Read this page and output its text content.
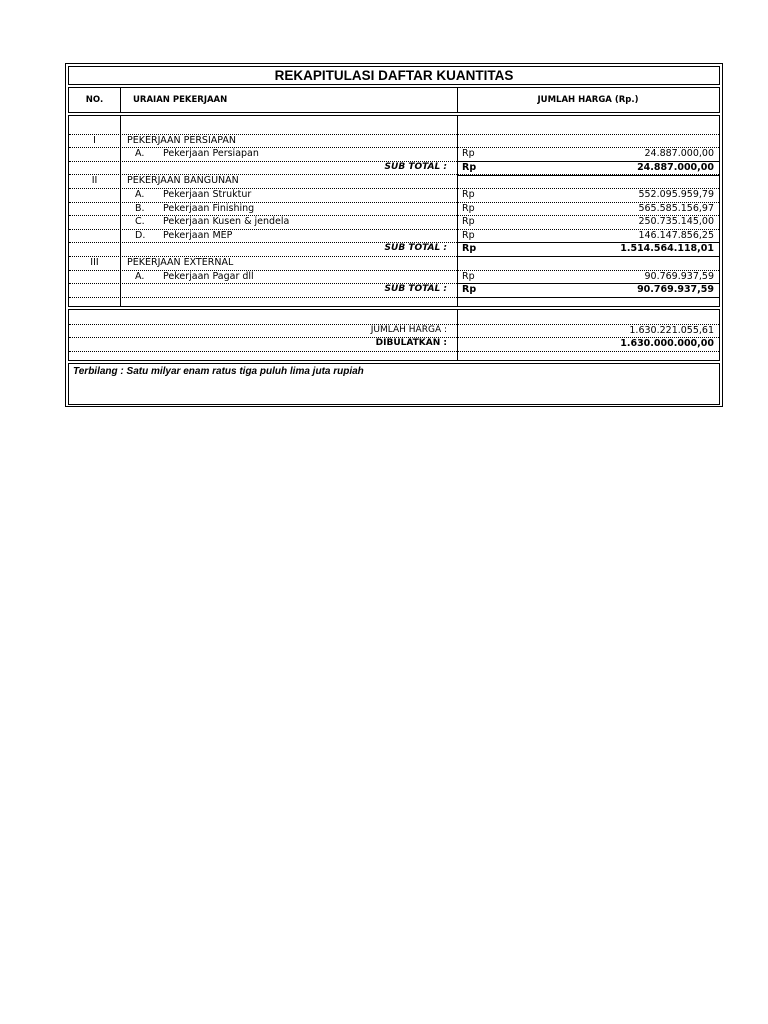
REKAPITULASI DAFTAR KUANTITAS
NO.	URAIAN PEKERJAAN	JUMLAH HARGA (Rp.)
I	PEKERJAAN PERSIAPAN
A. Pekerjaan Persiapan	Rp	24.887.000,00
SUB TOTAL : Rp	24.887.000,00
II	PEKERJAAN BANGUNAN
A. Pekerjaan Struktur	Rp	552.095.959,79
B. Pekerjaan Finishing	Rp	565.585.156,97
C. Pekerjaan Kusen & jendela	Rp	250.735.145,00
D. Pekerjaan MEP	Rp	146.147.856,25
SUB TOTAL : Rp	1.514.564.118,01
III	PEKERJAAN EXTERNAL
A. Pekerjaan Pagar dll	Rp	90.769.937,59
SUB TOTAL : Rp	90.769.937,59
JUMLAH HARGA :	1.630.221.055,61
DIBULATKAN :	1.630.000.000,00
Terbilang : Satu milyar enam ratus tiga puluh lima juta rupiah
